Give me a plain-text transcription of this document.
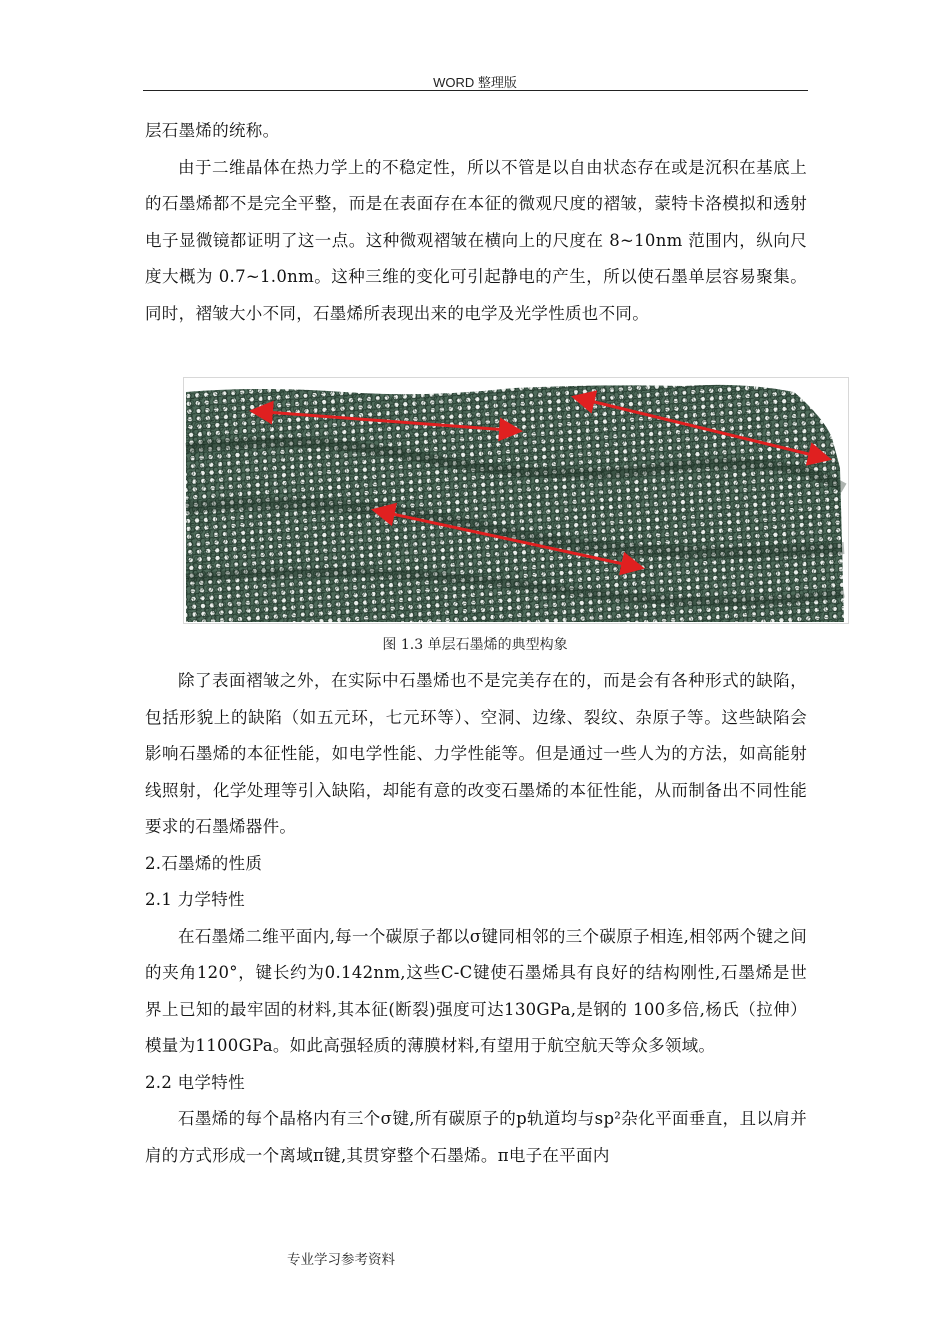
WORD 整理版

层石墨烯的统称。

由于二维晶体在热力学上的不稳定性，所以不管是以自由状态存在或是沉积在基底上的石墨烯都不是完全平整，而是在表面存在本征的微观尺度的褶皱，蒙特卡洛模拟和透射电子显微镜都证明了这一点。这种微观褶皱在横向上的尺度在 8~10nm 范围内，纵向尺度大概为 0.7~1.0nm。这种三维的变化可引起静电的产生，所以使石墨单层容易聚集。同时，褶皱大小不同，石墨烯所表现出来的电学及光学性质也不同。

图 1.3 单层石墨烯的典型构象

除了表面褶皱之外，在实际中石墨烯也不是完美存在的，而是会有各种形式的缺陷，包括形貌上的缺陷（如五元环，七元环等）、空洞、边缘、裂纹、杂原子等。这些缺陷会影响石墨烯的本征性能，如电学性能、力学性能等。但是通过一些人为的方法，如高能射线照射，化学处理等引入缺陷，却能有意的改变石墨烯的本征性能，从而制备出不同性能要求的石墨烯器件。

2.石墨烯的性质

2.1 力学特性

在石墨烯二维平面内,每一个碳原子都以σ键同相邻的三个碳原子相连,相邻两个键之间的夹角120°，键长约为0.142nm,这些C-C键使石墨烯具有良好的结构刚性,石墨烯是世界上已知的最牢固的材料,其本征(断裂)强度可达130GPa,是钢的 100多倍,杨氏（拉伸）模量为1100GPa。如此高强轻质的薄膜材料,有望用于航空航天等众多领域。

2.2 电学特性

石墨烯的每个晶格内有三个σ键,所有碳原子的p轨道均与sp²杂化平面垂直，且以肩并肩的方式形成一个离域π键,其贯穿整个石墨烯。π电子在平面内

专业学习参考资料
